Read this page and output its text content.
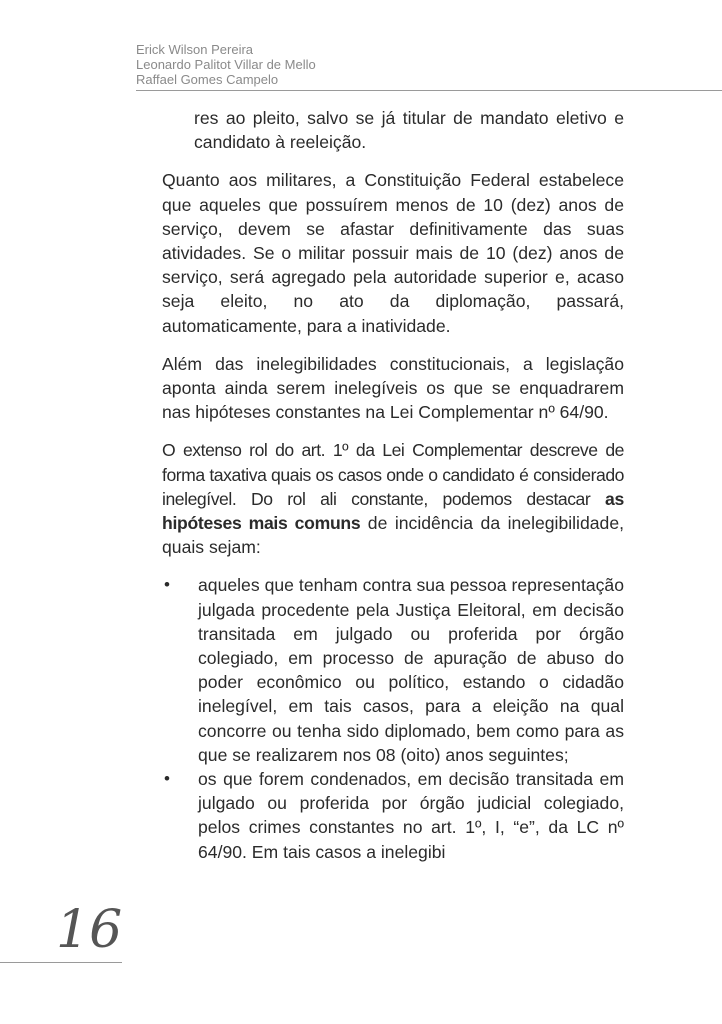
Erick Wilson Pereira
Leonardo Palitot Villar de Mello
Raffael Gomes Campelo

res ao pleito, salvo se já titular de mandato eletivo e candidato à reeleição.

Quanto aos militares, a Constituição Federal estabelece que aqueles que possuírem menos de 10 (dez) anos de serviço, devem se afastar definitivamente das suas atividades. Se o militar possuir mais de 10 (dez) anos de serviço, será agregado pela autoridade superior e, acaso seja eleito, no ato da diplomação, passará, automaticamente, para a inatividade.

Além das inelegibilidades constitucionais, a legislação aponta ainda serem inelegíveis os que se enquadrarem nas hipóteses constantes na Lei Complementar nº 64/90.

O extenso rol do art. 1º da Lei Complementar descreve de forma taxativa quais os casos onde o candidato é considerado inelegível. Do rol ali constante, podemos destacar as hipóteses mais comuns de incidência da inelegibilidade, quais sejam:

• aqueles que tenham contra sua pessoa representação julgada procedente pela Justiça Eleitoral, em decisão transitada em julgado ou proferida por órgão colegiado, em processo de apuração de abuso do poder econômico ou político, estando o cidadão inelegível, em tais casos, para a eleição na qual concorre ou tenha sido diplomado, bem como para as que se realizarem nos 08 (oito) anos seguintes;
• os que forem condenados, em decisão transitada em julgado ou proferida por órgão judicial colegiado, pelos crimes constantes no art. 1º, I, “e”, da LC nº 64/90. Em tais casos a inelegibi
16
